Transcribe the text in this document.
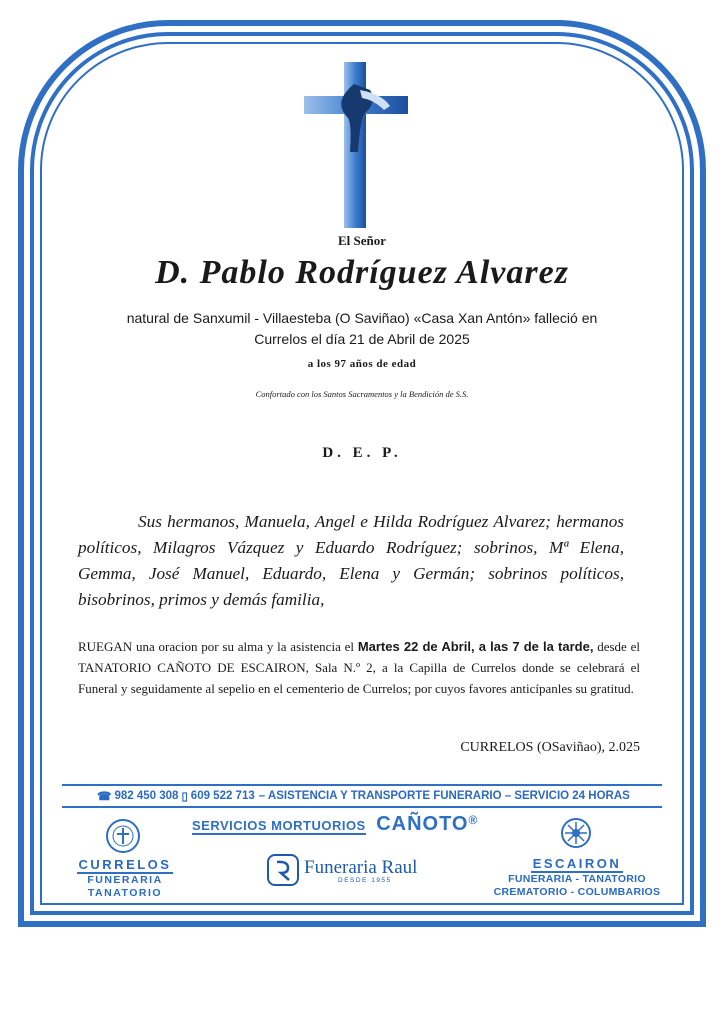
El Señor
D. Pablo Rodríguez Alvarez
natural de Sanxumil - Villaesteba (O Saviñao) «Casa Xan Antón» falleció en
Currelos el día 21 de Abril de 2025
a los 97 años de edad
Confortado con los Santos Sacramentos y la Bendición de S.S.
D. E. P.
Sus hermanos, Manuela, Angel e Hilda Rodríguez Alvarez; hermanos políticos, Milagros Vázquez y Eduardo Rodríguez; sobrinos, Mª Elena, Gemma, José Manuel, Eduardo, Elena y Germán; sobrinos políticos, bisobrinos, primos y demás familia,
RUEGAN una oracion por su alma y la asistencia el Martes 22 de Abril, a las 7 de la tarde, desde el TANATORIO CAÑOTO DE ESCAIRON, Sala N.º 2, a la Capilla de Currelos donde se celebrará el Funeral y seguidamente al sepelio en el cementerio de Currelos; por cuyos favores anticípanles su gratitud.
CURRELOS (OSaviñao), 2.025
☎ 982 450 308 ▯ 609 522 713 – ASISTENCIA Y TRANSPORTE FUNERARIO – SERVICIO 24 HORAS
SERVICIOS MORTUORIOS CAÑOTO®
CURRELOS
FUNERARIA
TANATORIO
Funeraria Raul
DESDE 1955
ESCAIRON
FUNERARIA - TANATORIO
CREMATORIO - COLUMBARIOS
